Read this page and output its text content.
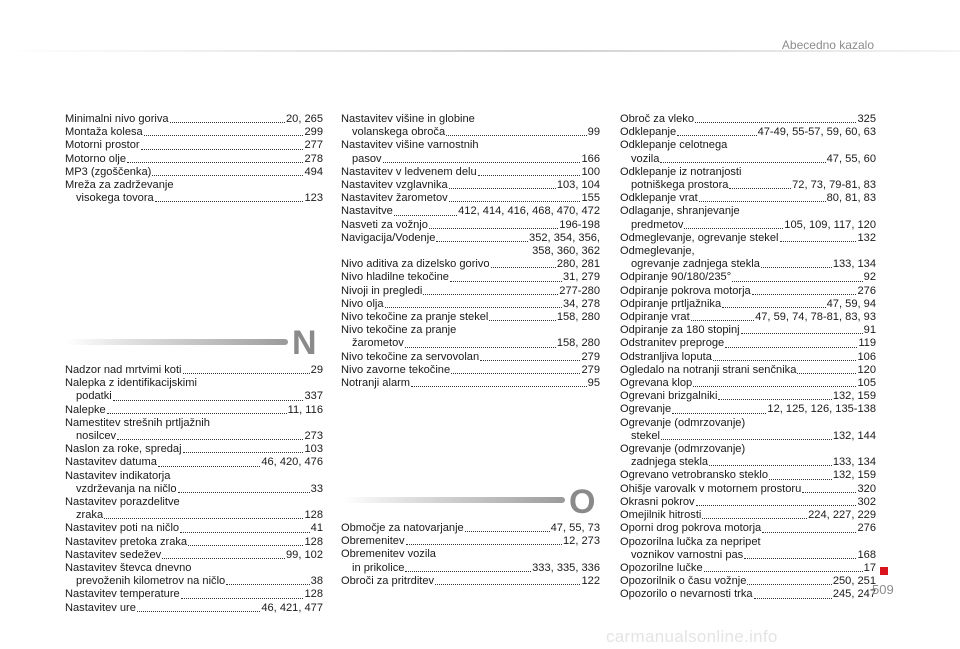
Abecedno kazalo
Minimalni nivo goriva	20, 265
Montaža kolesa	299
Motorni prostor	277
Motorno olje	278
MP3 (zgoščenka)	494
Mreža za zadrževanje
visokega tovora	123
N
Nadzor nad mrtvimi koti	29
Nalepka z identifikacijskimi
podatki	337
Nalepke	11, 116
Namestitev strešnih prtljažnih
nosilcev	273
Naslon za roke, spredaj	103
Nastavitev datuma	46, 420, 476
Nastavitev indikatorja
vzdrževanja na ničlo	33
Nastavitev porazdelitve
zraka	128
Nastavitev poti na ničlo	41
Nastavitev pretoka zraka	128
Nastavitev sedežev	99, 102
Nastavitev števca dnevno
prevoženih kilometrov na ničlo	38
Nastavitev temperature	128
Nastavitev ure	46, 421, 477
Nastavitev višine in globine
volanskega obroča	99
Nastavitev višine varnostnih
pasov	166
Nastavitev v ledvenem delu	100
Nastavitev vzglavnika	103, 104
Nastavitev žarometov	155
Nastavitve	412, 414, 416, 468, 470, 472
Nasveti za vožnjo	196-198
Navigacija/Vodenje	352, 354, 356,
358, 360, 362
Nivo aditiva za dizelsko gorivo	280, 281
Nivo hladilne tekočine	31, 279
Nivoji in pregledi	277-280
Nivo olja	34, 278
Nivo tekočine za pranje stekel	158, 280
Nivo tekočine za pranje
žarometov	158, 280
Nivo tekočine za servovolan	279
Nivo zavorne tekočine	279
Notranji alarm	95
O
Območje za natovarjanje	47, 55, 73
Obremenitev	12, 273
Obremenitev vozila
in prikolice	333, 335, 336
Obroči za pritrditev	122
Obroč za vleko	325
Odklepanje	47-49, 55-57, 59, 60, 63
Odklepanje celotnega
vozila	47, 55, 60
Odklepanje iz notranjosti
potniškega prostora	72, 73, 79-81, 83
Odklepanje vrat	80, 81, 83
Odlaganje, shranjevanje
predmetov	105, 109, 117, 120
Odmeglevanje, ogrevanje stekel	132
Odmeglevanje,
ogrevanje zadnjega stekla	133, 134
Odpiranje 90/180/235°	92
Odpiranje pokrova motorja	276
Odpiranje prtljažnika	47, 59, 94
Odpiranje vrat	47, 59, 74, 78-81, 83, 93
Odpiranje za 180 stopinj	91
Odstranitev preproge	119
Odstranljiva loputa	106
Ogledalo na notranji strani senčnika	120
Ogrevana klop	105
Ogrevani brizgalniki	132, 159
Ogrevanje	12, 125, 126, 135-138
Ogrevanje (odmrzovanje)
stekel	132, 144
Ogrevanje (odmrzovanje)
zadnjega stekla	133, 134
Ogrevano vetrobransko steklo	132, 159
Ohišje varovalk v motornem prostoru	320
Okrasni pokrov	302
Omejilnik hitrosti	224, 227, 229
Oporni drog pokrova motorja	276
Opozorilna lučka za nepripet
voznikov varnostni pas	168
Opozorilne lučke	17
Opozorilnik o času vožnje	250, 251
Opozorilo o nevarnosti trka	245, 247
509
carmanualsonline.info
